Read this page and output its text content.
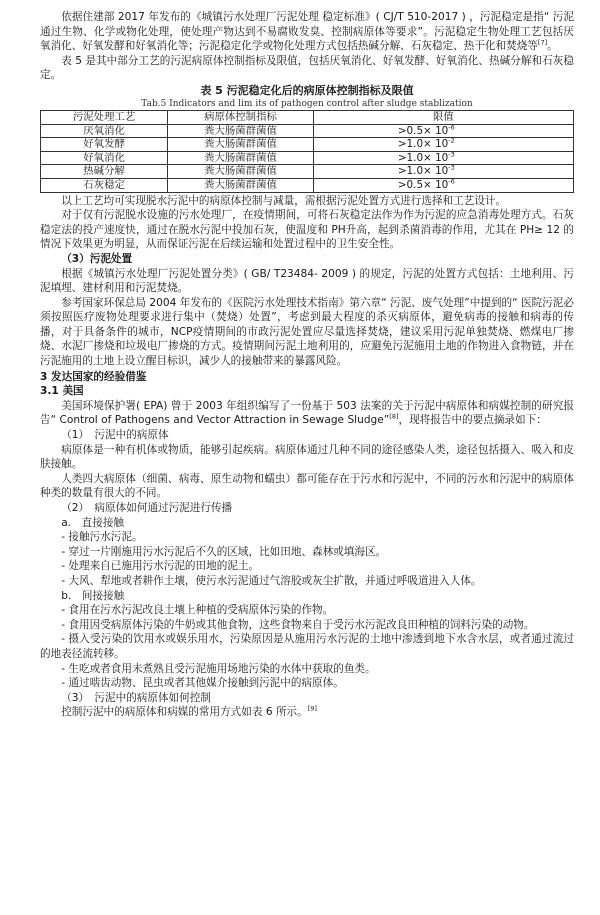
依据住建部 2017 年发布的《城镇污水处理厂污泥处理 稳定标准》( CJ/T 510-2017 ) ，污泥稳定是指“ 污泥通过生物、化学或物化处理，使处理产物达到不易腐败发臭、控制病原体等要求”。污泥稳定生物处理工艺包括厌氧消化、好氧发酵和好氧消化等；污泥稳定化学或物化处理方式包括热碱分解、石灰稳定、热干化和焚烧等[7]。

表 5 是其中部分工艺的污泥病原体控制指标及限值，包括厌氧消化、好氧发酵、好氧消化、热碱分解和石灰稳定。

表 5 污泥稳定化后的病原体控制指标及限值
Tab.5 Indicators and lim its of pathogen control after sludge stablization
污泥处理工艺	病原体控制指标	限值
厌氧消化	粪大肠菌群菌值	$>0.5\times 10^{-6}$
好氧发酵	粪大肠菌群菌值	$>1.0\times 10^{-2}$
好氧消化	粪大肠菌群菌值	$>1.0\times 10^{-3}$
热碱分解	粪大肠菌群菌值	$>1.0\times 10^{-3}$
石灰稳定	粪大肠菌群菌值	$>0.5\times 10^{-6}$

以上工艺均可实现脱水污泥中的病原体控制与减量，需根据污泥处置方式进行选择和工艺设计。

对于仅有污泥脱水设施的污水处理厂，在疫情期间，可将石灰稳定法作为作为污泥的应急消毒处理方式。石灰稳定法的投产速度快，通过在脱水污泥中投加石灰，使温度和 PH升高，起到杀菌消毒的作用，尤其在 PH≥ 12 的情况下效果更为明显，从而保证污泥在后续运输和处置过程中的卫生安全性。

（3）污泥处置

根据《城镇污水处理厂污泥处置分类》( GB/ T23484- 2009 ) 的规定，污泥的处置方式包括：土地利用、污泥填埋、建材利用和污泥焚烧。

参考国家环保总局 2004 年发布的《医院污水处理技术指南》第六章“ 污泥、废气处理”中提到的“ 医院污泥必须按照医疗废物处理要求进行集中（焚烧）处置”，考虑到最大程度的杀灭病原体，避免病毒的接触和病毒的传播，对于具备条件的城市，NCP疫情期间的市政污泥处置应尽量选择焚烧，建议采用污泥单独焚烧、燃煤电厂掺烧、水泥厂掺烧和垃圾电厂掺烧的方式。疫情期间污泥土地利用的，应避免污泥施用土地的作物进入食物链，并在污泥施用的土地上设立醒目标识，减少人的接触带来的暴露风险。

3 发达国家的经验借鉴

3.1 美国

美国环境保护署( EPA) 曾于 2003 年组织编写了一份基于 503 法案的关于污泥中病原体和病媒控制的研究报告“ Control of Pathogens and Vector Attraction in Sewage Sludge”[8]，现将报告中的要点摘录如下：

（1）　污泥中的病原体

病原体是一种有机体或物质，能够引起疾病。病原体通过几种不同的途径感染人类，途径包括摄入、吸入和皮肤接触。

人类四大病原体（细菌、病毒、原生动物和蠕虫）都可能存在于污水和污泥中，不同的污水和污泥中的病原体种类的数量有很大的不同。

（2）　病原体如何通过污泥进行传播

a.　直接接触

- 接触污水污泥。

- 穿过一片刚施用污水污泥后不久的区域，比如田地、森林或填海区。

- 处理来自已施用污水污泥的田地的泥土。

- 大风、犁地或者耕作土壤，使污水污泥通过气溶胶或灰尘扩散，并通过呼吸道进入人体。

b.　间接接触

- 食用在污水污泥改良土壤上种植的受病原体污染的作物。

- 食用因受病原体污染的牛奶或其他食物，这些食物来自于受污水污泥改良田种植的饲料污染的动物。

- 摄入受污染的饮用水或娱乐用水，污染原因是从施用污水污泥的土地中渗透到地下水含水层，或者通过流过的地表径流转移。

- 生吃或者食用未煮熟且受污泥施用场地污染的水体中获取的鱼类。

- 通过啮齿动物、昆虫或者其他媒介接触到污泥中的病原体。

（3）　污泥中的病原体如何控制

控制污泥中的病原体和病媒的常用方式如表 6 所示。[9]
